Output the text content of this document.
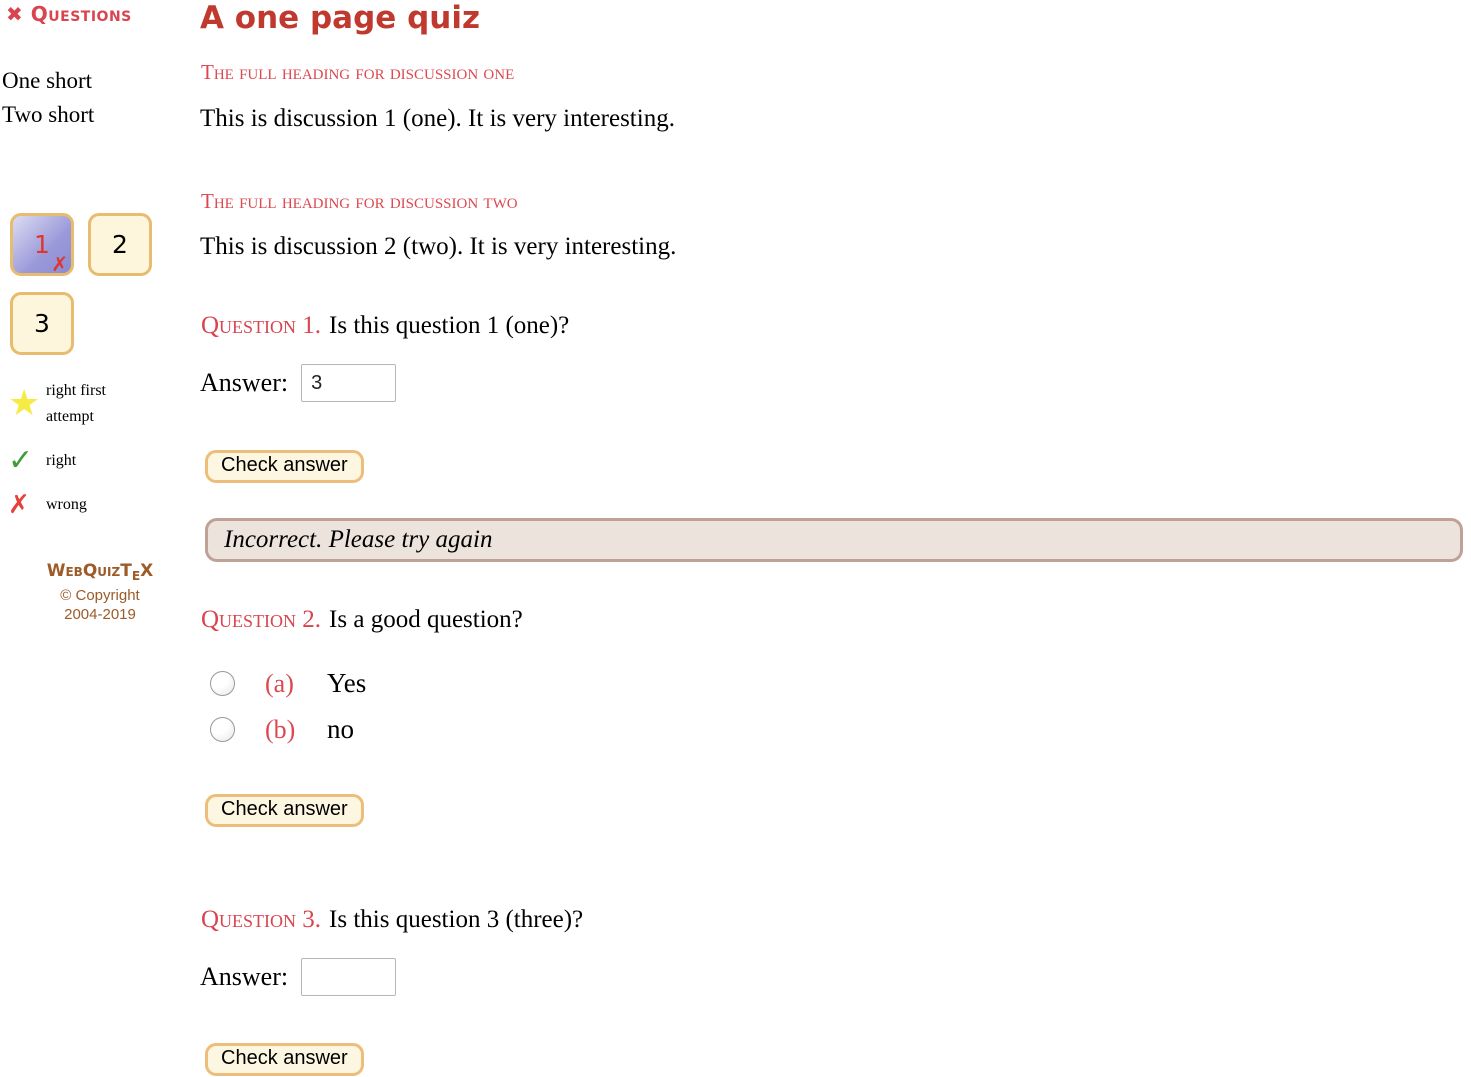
✖ Questions
One short
Two short
1
✗
2
3
★ right first attempt
✓ right
✗	wrong
WebQuizT$_E$X
© Copyright
2004-2019
A one page quiz
The full heading for discussion one

This is discussion 1 (one). It is very interesting.

The full heading for discussion two

This is discussion 2 (two). It is very interesting.

Question 1. Is this question 1 (one)?
Answer:
3
Check answer
Incorrect. Please try again
Question 2. Is a good question?
(a)	Yes
(b)	no
Check answer
Question 3. Is this question 3 (three)?
Answer:
Check answer
